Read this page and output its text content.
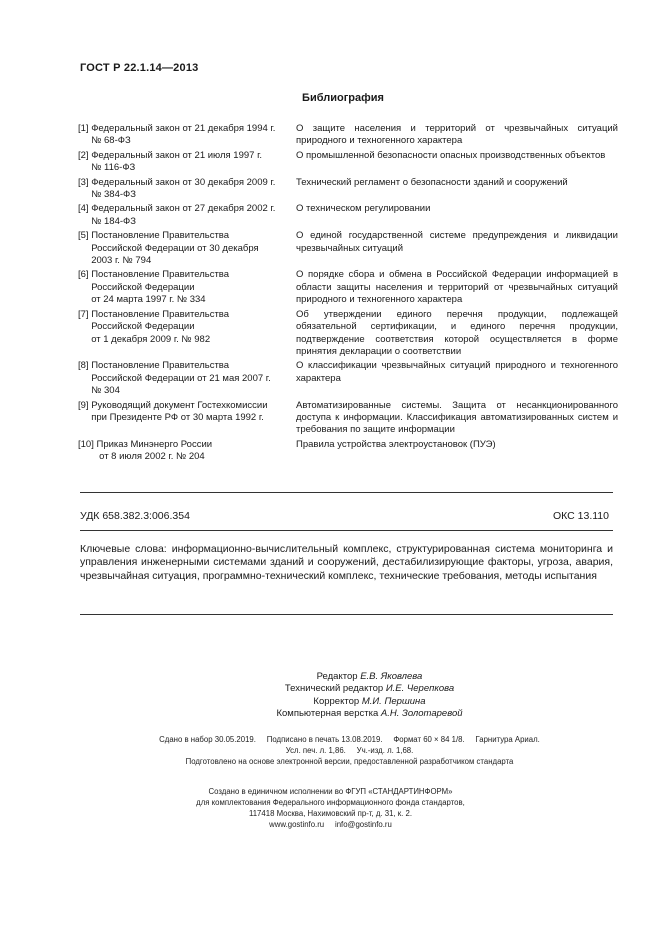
ГОСТ Р 22.1.14—2013
Библиография
[1] Федеральный закон от 21 декабря 1994 г.
№ 68-ФЗ
О защите населения и территорий от чрезвычайных ситуаций природного и техногенного характера
[2] Федеральный закон от 21 июля 1997 г.
№ 116-ФЗ
О промышленной безопасности опасных производственных объектов
[3] Федеральный закон от 30 декабря 2009 г.
№ 384-ФЗ
Технический регламент о безопасности зданий и сооружений
[4] Федеральный закон от 27 декабря 2002 г.
№ 184-ФЗ
О техническом регулировании
[5] Постановление Правительства
Российской Федерации от 30 декабря
2003 г. № 794
О единой государственной системе предупреждения и ликвидации чрезвычайных ситуаций
[6] Постановление Правительства
Российской Федерации
от 24 марта 1997 г. № 334
О порядке сбора и обмена в Российской Федерации информацией в области защиты населения и территорий от чрезвычайных ситуаций природного и техногенного характера
[7] Постановление Правительства
Российской Федерации
от 1 декабря 2009 г. № 982
Об утверждении единого перечня продукции, подлежащей обязательной сертификации, и единого перечня продукции, подтверждение соответствия которой осуществляется в форме принятия декларации о соответствии
[8] Постановление Правительства
Российской Федерации от 21 мая 2007 г.
№ 304
О классификации чрезвычайных ситуаций природного и техногенного характера
[9] Руководящий документ Гостехкомиссии
при Президенте РФ от 30 марта 1992 г.
Автоматизированные системы. Защита от несанкционированного доступа к информации. Классификация автоматизированных систем и требования по защите информации
[10] Приказ Минэнерго России
от 8 июля 2002 г. № 204
Правила устройства электроустановок (ПУЭ)
УДК 658.382.3:006.354	ОКС 13.110
Ключевые слова: информационно-вычислительный комплекс, структурированная система мониторинга и управления инженерными системами зданий и сооружений, дестабилизирующие факторы, угроза, авария, чрезвычайная ситуация, программно-технический комплекс, технические требования, методы испытания
Редактор Е.В. Яковлева
Технический редактор И.Е. Черепкова
Корректор М.И. Першина
Компьютерная верстка А.Н. Золотаревой
Сдано в набор 30.05.2019.     Подписано в печать 13.08.2019.     Формат 60 × 84 1/8.     Гарнитура Ариал.
Усл. печ. л. 1,86.     Уч.-изд. л. 1,68.
Подготовлено на основе электронной версии, предоставленной разработчиком стандарта
Создано в единичном исполнении во ФГУП «СТАНДАРТИНФОРМ»
для комплектования Федерального информационного фонда стандартов,
117418 Москва, Нахимовский пр-т, д. 31, к. 2.
www.gostinfo.ru     info@gostinfo.ru
